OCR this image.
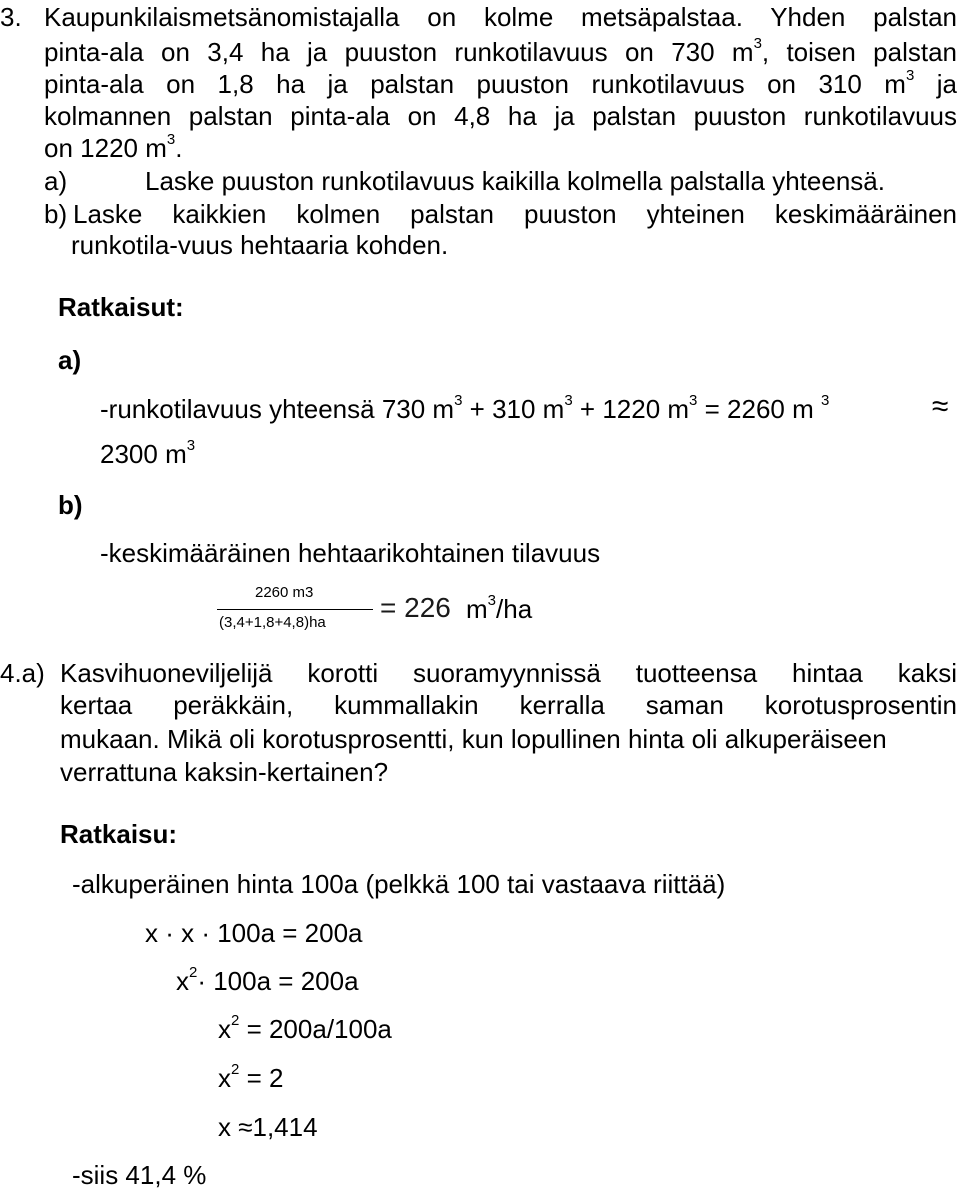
3. Kaupunkilaismetsänomistajalla on kolme metsäpalstaa. Yhden palstan
pinta-ala on 3,4 ha ja puuston runkotilavuus on 730 $m^3$, toisen palstan
pinta-ala on 1,8 ha ja palstan puuston runkotilavuus on 310 $m^3$ ja
kolmannen palstan pinta-ala on 4,8 ha ja palstan puuston runkotilavuus
on 1220 $m^3$.
a)	Laske puuston runkotilavuus kaikilla kolmella palstalla yhteensä.
b) Laske kaikkien kolmen palstan puuston yhteinen keskimääräinen
runkotila-vuus hehtaaria kohden.
Ratkaisut:
a)
-runkotilavuus yhteensä 730 $m^3 + 310$ $m^3 + 1220$ $m^3 = 2260$ m $^3$	≈
2300 $m^3$
b)
-keskimääräinen hehtaarikohtainen tilavuus
2260 m3
(3,4+1,8+4,8)ha = 226 $m^3/ha$
4.a) Kasvihuoneviljelijä korotti suoramyynnissä tuotteensa hintaa kaksi
kertaa peräkkäin, kummallakin kerralla saman korotusprosentin
mukaan. Mikä oli korotusprosentti, kun lopullinen hinta oli alkuperäiseen
verrattuna kaksin-kertainen?
Ratkaisu:
-alkuperäinen hinta 100a (pelkkä 100 tai vastaava riittää)
x · x · 100a = 200a
$x^2\cdot 100a = 200a$
$x^2 = 200a/100a$
$x^2 = 2$
x ≈1,414
-siis 41,4 %
